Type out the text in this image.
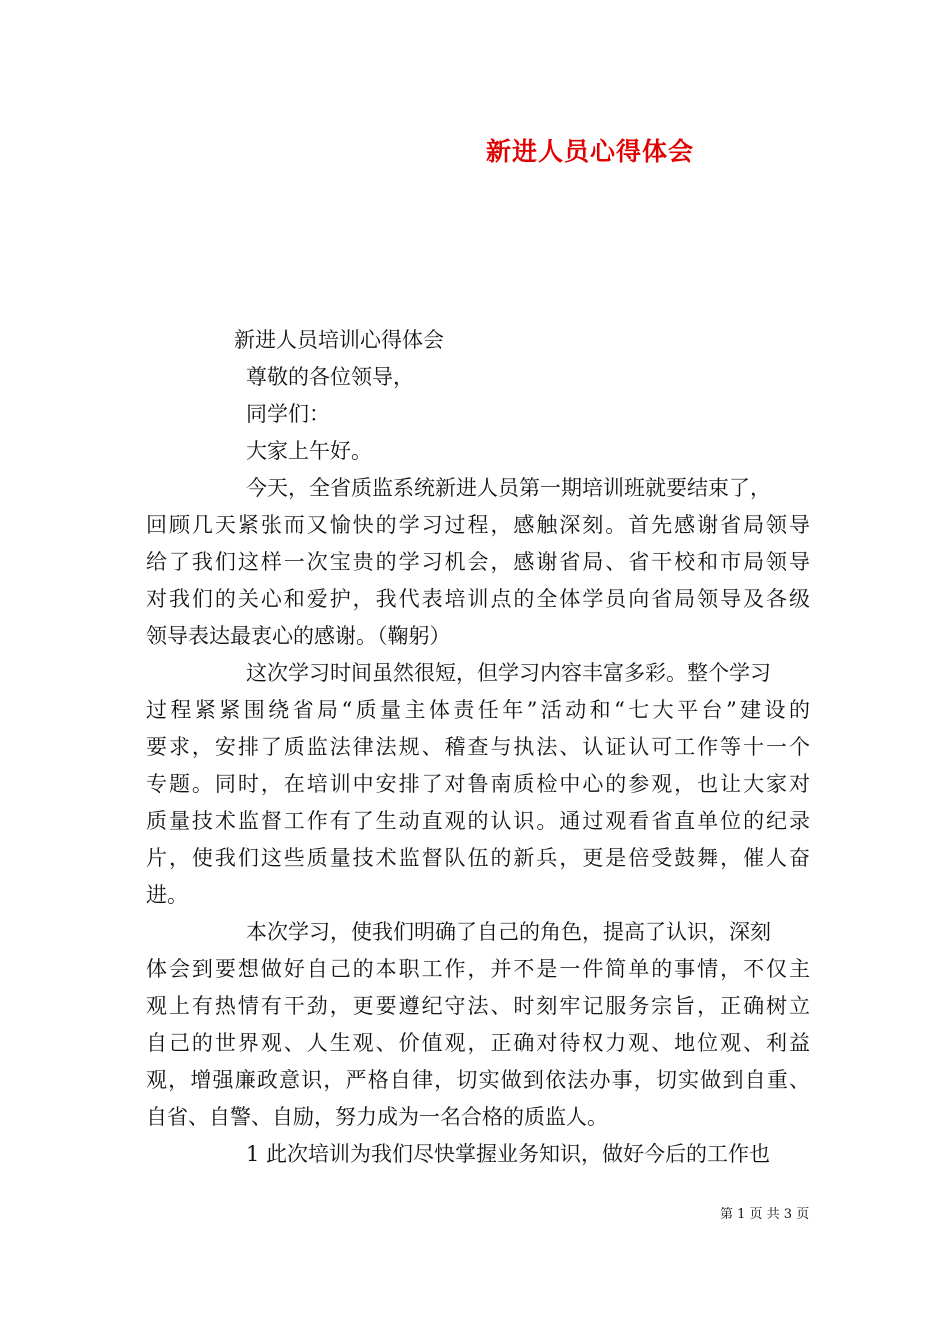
新进人员心得体会
新进人员培训心得体会
尊敬的各位领导，
同学们：
大家上午好。
今天，全省质监系统新进人员第一期培训班就要结束了，
回顾几天紧张而又愉快的学习过程，感触深刻。首先感谢省局领导
给了我们这样一次宝贵的学习机会，感谢省局、省干校和市局领导
对我们的关心和爱护，我代表培训点的全体学员向省局领导及各级
领导表达最衷心的感谢。（鞠躬）
这次学习时间虽然很短，但学习内容丰富多彩。整个学习
过程紧紧围绕省局“质量主体责任年”活动和“七大平台”建设的
要求，安排了质监法律法规、稽查与执法、认证认可工作等十一个
专题。同时，在培训中安排了对鲁南质检中心的参观，也让大家对
质量技术监督工作有了生动直观的认识。通过观看省直单位的纪录
片，使我们这些质量技术监督队伍的新兵，更是倍受鼓舞，催人奋
进。
本次学习，使我们明确了自己的角色，提高了认识，深刻
体会到要想做好自己的本职工作，并不是一件简单的事情，不仅主
观上有热情有干劲，更要遵纪守法、时刻牢记服务宗旨，正确树立
自己的世界观、人生观、价值观，正确对待权力观、地位观、利益
观，增强廉政意识，严格自律，切实做到依法办事，切实做到自重、
自省、自警、自励，努力成为一名合格的质监人。
1 此次培训为我们尽快掌握业务知识，做好今后的工作也
第 1 页 共 3 页
